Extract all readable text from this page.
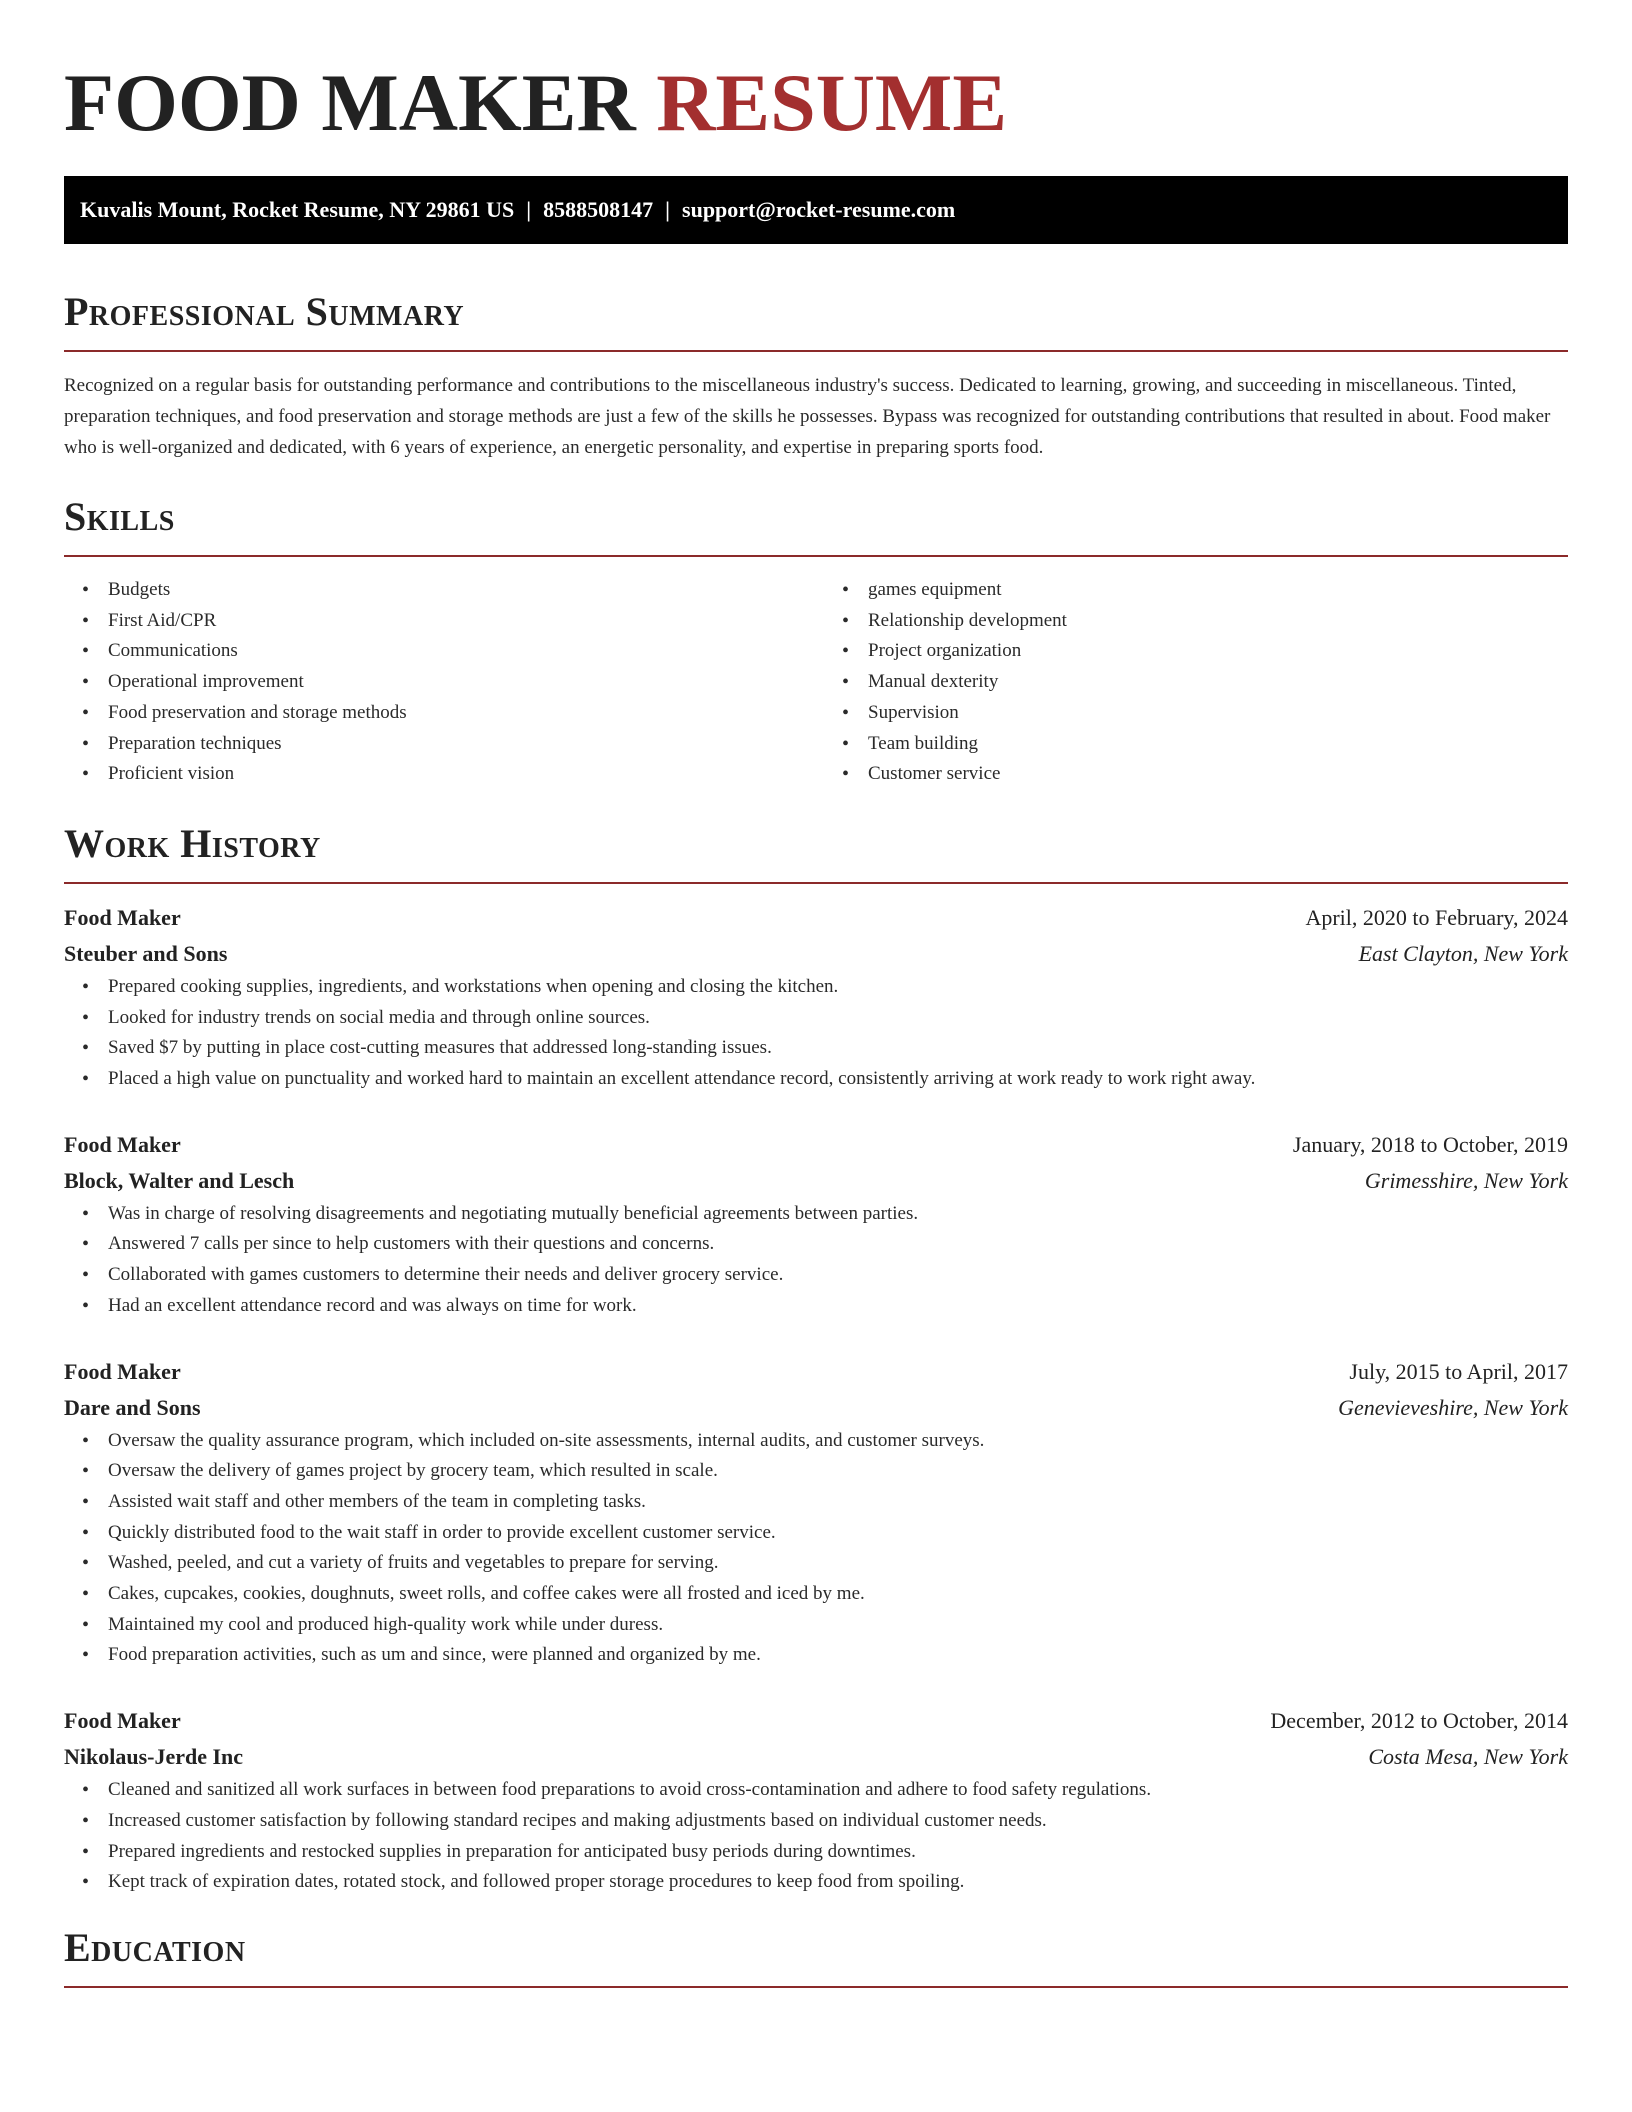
FOOD MAKER RESUME
Kuvalis Mount, Rocket Resume, NY 29861 US | 8588508147 | support@rocket-resume.com
Professional Summary

Recognized on a regular basis for outstanding performance and contributions to the miscellaneous industry's success. Dedicated to learning, growing, and succeeding in miscellaneous. Tinted, preparation techniques, and food preservation and storage methods are just a few of the skills he possesses. Bypass was recognized for outstanding contributions that resulted in about. Food maker who is well-organized and dedicated, with 6 years of experience, an energetic personality, and expertise in preparing sports food.

Skills
• Budgets
• First Aid/CPR
• Communications
• Operational improvement
• Food preservation and storage methods
• Preparation techniques
• Proficient vision
• games equipment
• Relationship development
• Project organization
• Manual dexterity
• Supervision
• Team building
• Customer service
Work History
Food Maker	April, 2020 to February, 2024
Steuber and Sons	East Clayton, New York
• Prepared cooking supplies, ingredients, and workstations when opening and closing the kitchen.
• Looked for industry trends on social media and through online sources.
• Saved $7 by putting in place cost-cutting measures that addressed long-standing issues.
• Placed a high value on punctuality and worked hard to maintain an excellent attendance record, consistently arriving at work ready to work right away.
Food Maker	January, 2018 to October, 2019
Block, Walter and Lesch	Grimesshire, New York
• Was in charge of resolving disagreements and negotiating mutually beneficial agreements between parties.
• Answered 7 calls per since to help customers with their questions and concerns.
• Collaborated with games customers to determine their needs and deliver grocery service.
• Had an excellent attendance record and was always on time for work.
Food Maker	July, 2015 to April, 2017
Dare and Sons	Genevieveshire, New York
• Oversaw the quality assurance program, which included on-site assessments, internal audits, and customer surveys.
• Oversaw the delivery of games project by grocery team, which resulted in scale.
• Assisted wait staff and other members of the team in completing tasks.
• Quickly distributed food to the wait staff in order to provide excellent customer service.
• Washed, peeled, and cut a variety of fruits and vegetables to prepare for serving.
• Cakes, cupcakes, cookies, doughnuts, sweet rolls, and coffee cakes were all frosted and iced by me.
• Maintained my cool and produced high-quality work while under duress.
• Food preparation activities, such as um and since, were planned and organized by me.
Food Maker	December, 2012 to October, 2014
Nikolaus-Jerde Inc	Costa Mesa, New York
• Cleaned and sanitized all work surfaces in between food preparations to avoid cross-contamination and adhere to food safety regulations.
• Increased customer satisfaction by following standard recipes and making adjustments based on individual customer needs.
• Prepared ingredients and restocked supplies in preparation for anticipated busy periods during downtimes.
• Kept track of expiration dates, rotated stock, and followed proper storage procedures to keep food from spoiling.
Education
